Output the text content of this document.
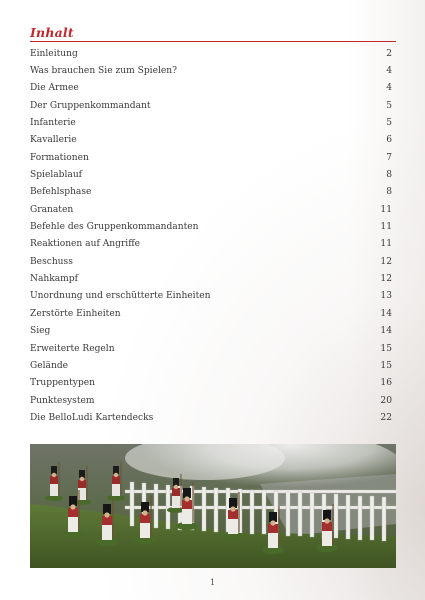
Inhalt
Einleitung	2
Was brauchen Sie zum Spielen?	4
Die Armee	4
Der Gruppenkommandant	5
Infanterie	5
Kavallerie	6
Formationen	7
Spielablauf	8
Befehlsphase	8
Granaten	11
Befehle des Gruppenkommandanten	11
Reaktionen auf Angriffe	11
Beschuss	12
Nahkampf	12
Unordnung und erschütterte Einheiten	13
Zerstörte Einheiten	14
Sieg	14
Erweiterte Regeln	15
Gelände	15
Truppentypen	16
Punktesystem	20
Die BelloLudi Kartendecks	22
1
